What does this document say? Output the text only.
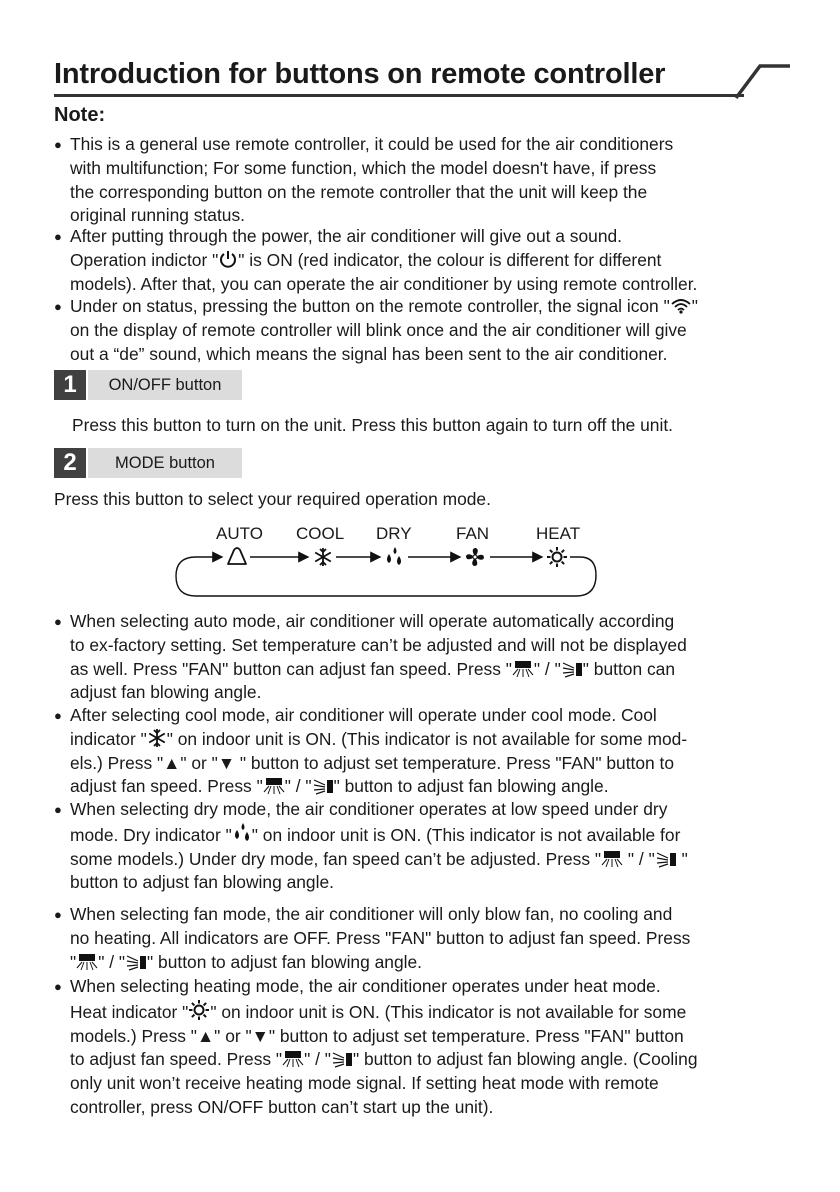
Introduction for buttons on remote controller
Note:
● This is a general use remote controller, it could be used for the air conditioners
with multifunction; For some function, which the model doesn't have, if press
the corresponding button on the remote controller that the unit will keep the
original running status.
● After putting through the power, the air conditioner will give out a sound.
Operation indictor " " is ON (red indicator, the colour is different for different
models). After that, you can operate the air conditioner by using remote controller.
● Under on status, pressing the button on the remote controller, the signal icon " "
on the display of remote controller will blink once and the air conditioner will give
out a “de” sound, which means the signal has been sent to the air conditioner.
1	ON/OFF button

Press this button to turn on the unit. Press this button again to turn off the unit.

2	MODE button

Press this button to select your required operation mode.

AUTO COOL DRY	FAN	HEAT
● When selecting auto mode, air conditioner will operate automatically according
to ex-factory setting. Set temperature can’t be adjusted and will not be displayed
as well. Press "FAN" button can adjust fan speed. Press " " / " " button can
adjust fan blowing angle.
● After selecting cool mode, air conditioner will operate under cool mode. Cool
indicator " " on indoor unit is ON. (This indicator is not available for some mod-
els.) Press "▲" or "▼ " button to adjust set temperature. Press "FAN" button to
adjust fan speed. Press " " / " " button to adjust fan blowing angle.
● When selecting dry mode, the air conditioner operates at low speed under dry
mode. Dry indicator " " on indoor unit is ON. (This indicator is not available for
some models.) Under dry mode, fan speed can’t be adjusted. Press " " / " "
button to adjust fan blowing angle.
● When selecting fan mode, the air conditioner will only blow fan, no cooling and
no heating. All indicators are OFF. Press "FAN" button to adjust fan speed. Press
" " / " " button to adjust fan blowing angle.
● When selecting heating mode, the air conditioner operates under heat mode.
Heat indicator " " on indoor unit is ON. (This indicator is not available for some
models.) Press "▲" or "▼" button to adjust set temperature. Press "FAN" button
to adjust fan speed. Press " " / " " button to adjust fan blowing angle. (Cooling
only unit won’t receive heating mode signal. If setting heat mode with remote
controller, press ON/OFF button can’t start up the unit).
